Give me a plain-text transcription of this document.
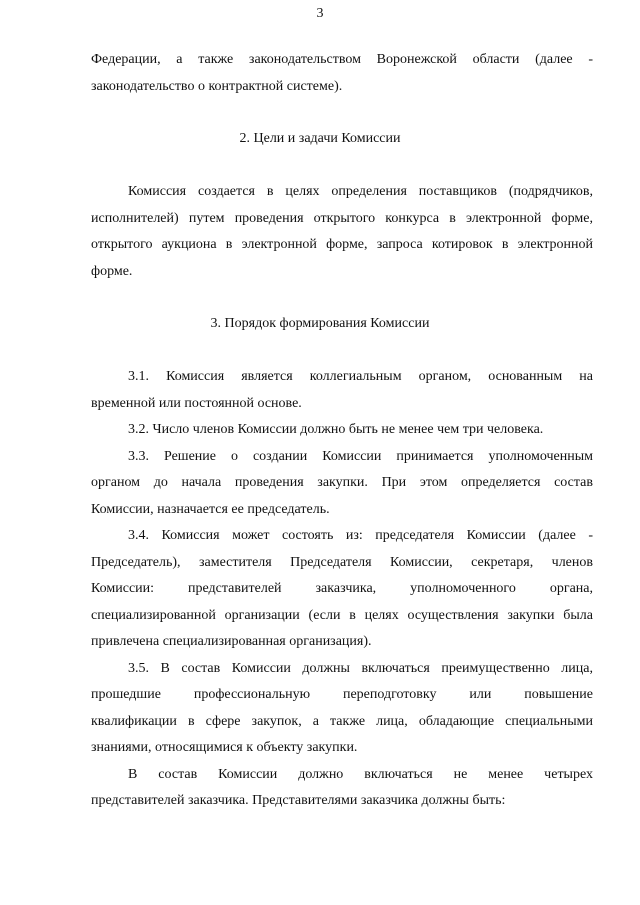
3
Федерации, а также законодательством Воронежской области (далее -
законодательство о контрактной системе).
2. Цели и задачи Комиссии
Комиссия создается в целях определения поставщиков (подрядчиков,
исполнителей) путем проведения открытого конкурса в электронной форме,
открытого аукциона в электронной форме, запроса котировок в электронной
форме.
3. Порядок формирования Комиссии
3.1. Комиссия является коллегиальным органом, основанным на
временной или постоянной основе.
3.2. Число членов Комиссии должно быть не менее чем три человека.
3.3. Решение о создании Комиссии принимается уполномоченным
органом до начала проведения закупки. При этом определяется состав
Комиссии, назначается ее председатель.
3.4. Комиссия может состоять из: председателя Комиссии (далее -
Председатель), заместителя Председателя Комиссии, секретаря, членов
Комиссии: представителей заказчика, уполномоченного органа,
специализированной организации (если в целях осуществления закупки была
привлечена специализированная организация).
3.5. В состав Комиссии должны включаться преимущественно лица,
прошедшие профессиональную переподготовку или повышение
квалификации в сфере закупок, а также лица, обладающие специальными
знаниями, относящимися к объекту закупки.
В состав Комиссии должно включаться не менее четырех
представителей заказчика. Представителями заказчика должны быть:
